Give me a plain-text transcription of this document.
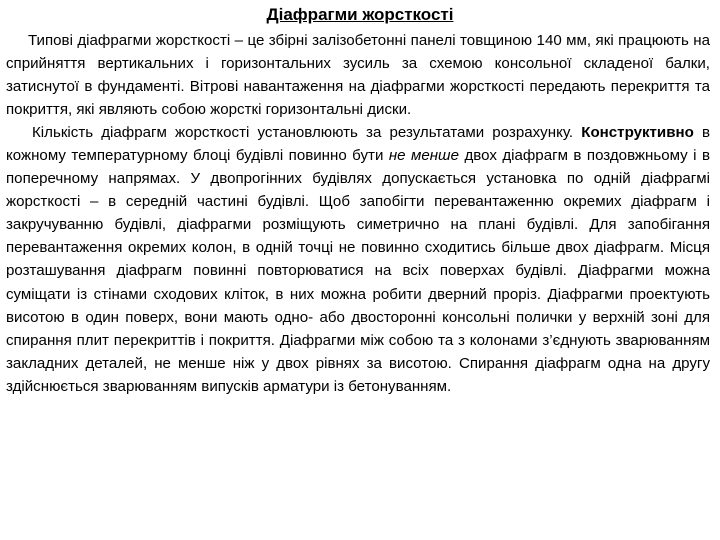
Діафрагми жорсткості

Типові діафрагми жорсткості – це збірні залізобетонні панелі товщиною 140 мм, які працюють на сприйняття вертикальних і горизонтальних зусиль за схемою консольної складеної балки, затиснутої в фундаменті. Вітрові навантаження на діафрагми жорсткості передають перекриття та покриття, які являють собою жорсткі горизонтальні диски.

Кількість діафрагм жорсткості установлюють за результатами розрахунку. Конструктивно в кожному температурному блоці будівлі повинно бути не менше двох діафрагм в поздовжньому і в поперечному напрямах. У двопрогінних будівлях допускається установка по одній діафрагмі жорсткості – в середній частині будівлі. Щоб запобігти перевантаженню окремих діафрагм і закручуванню будівлі, діафрагми розміщують симетрично на плані будівлі. Для запобігання перевантаження окремих колон, в одній точці не повинно сходитись більше двох діафрагм. Місця розташування діафрагм повинні повторюватися на всіх поверхах будівлі. Діафрагми можна суміщати із стінами сходових кліток, в них можна робити дверний проріз. Діафрагми проектують висотою в один поверх, вони мають одно- або двосторонні консольні полички у верхній зоні для спирання плит перекриттів і покриття. Діафрагми між собою та з колонами з’єднують зварюванням закладних деталей, не менше ніж у двох рівнях за висотою. Спирання діафрагм одна на другу здійснюється зварюванням випусків арматури із бетонуванням.
